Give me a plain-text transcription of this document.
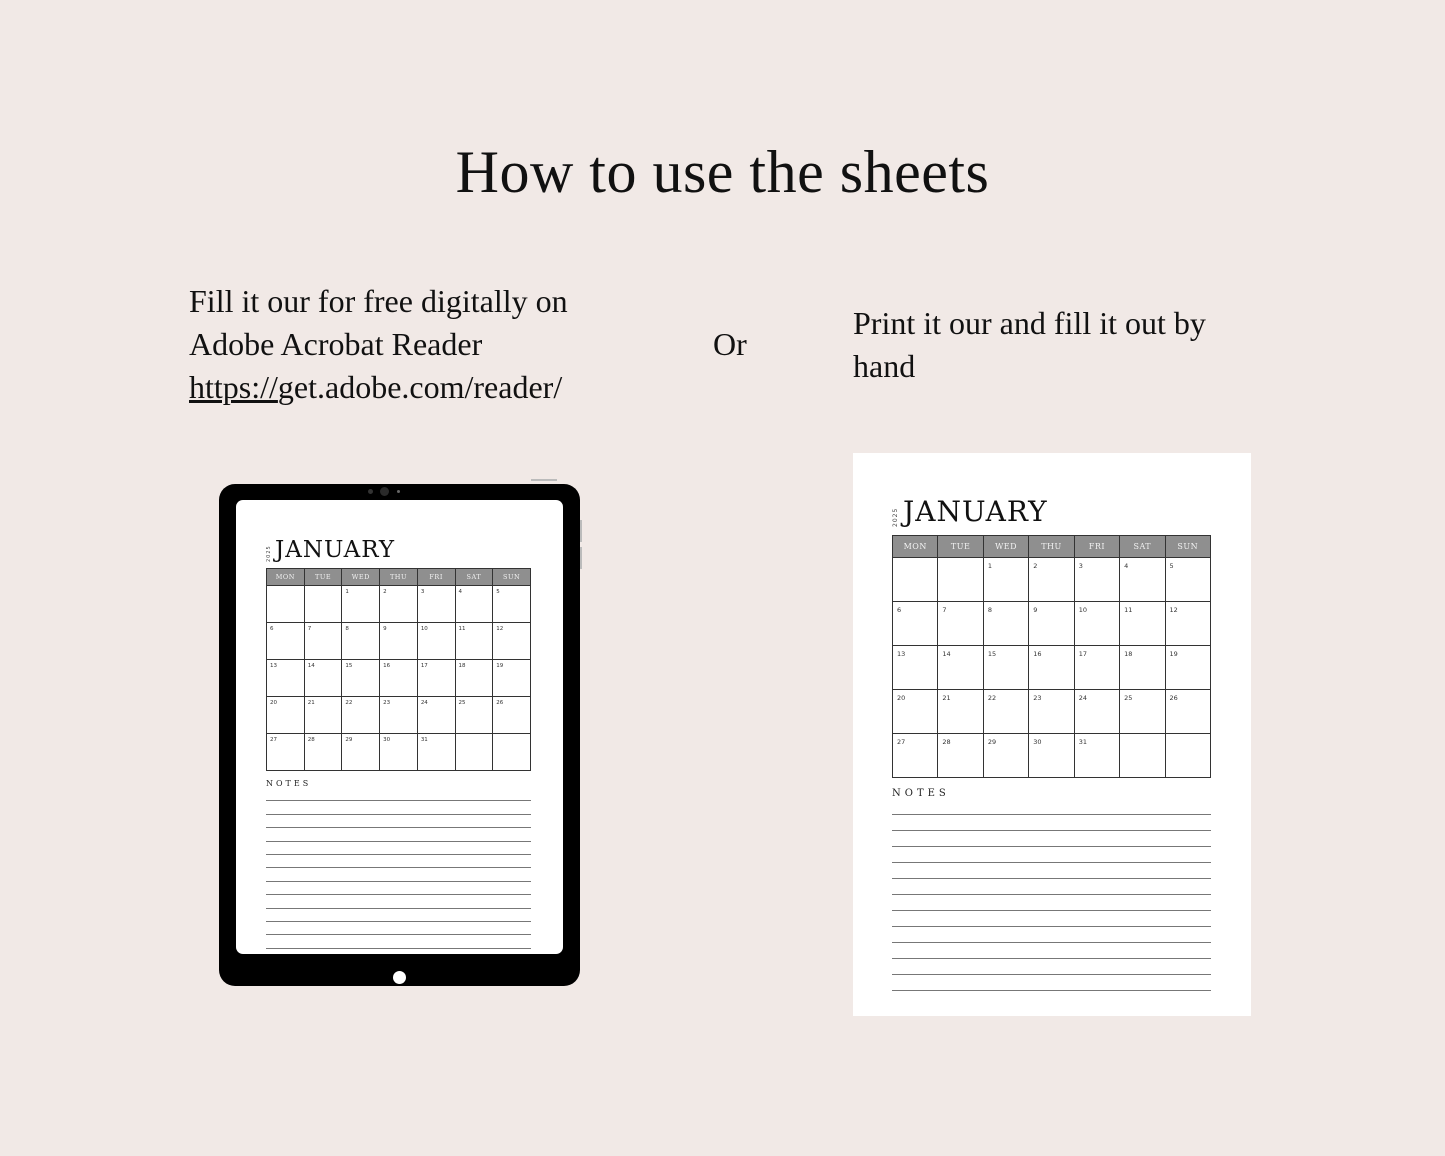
How to use the sheets
Fill it our for free digitally on
Adobe Acrobat Reader
https://get.adobe.com/reader/
Or
Print it our and fill it out by
hand
2025 JANUARY
MON	TUE	WED	THU	FRI	SAT	SUN

		1	2	3	4	5

6	7	8	9	10	11	12

13	14	15	16	17	18	19

20	21	22	23	24	25	26

27	28	29	30	31		

NOTES
2025 JANUARY
MON	TUE	WED	THU	FRI	SAT	SUN

		1	2	3	4	5

6	7	8	9	10	11	12

13	14	15	16	17	18	19

20	21	22	23	24	25	26

27	28	29	30	31		

NOTES
